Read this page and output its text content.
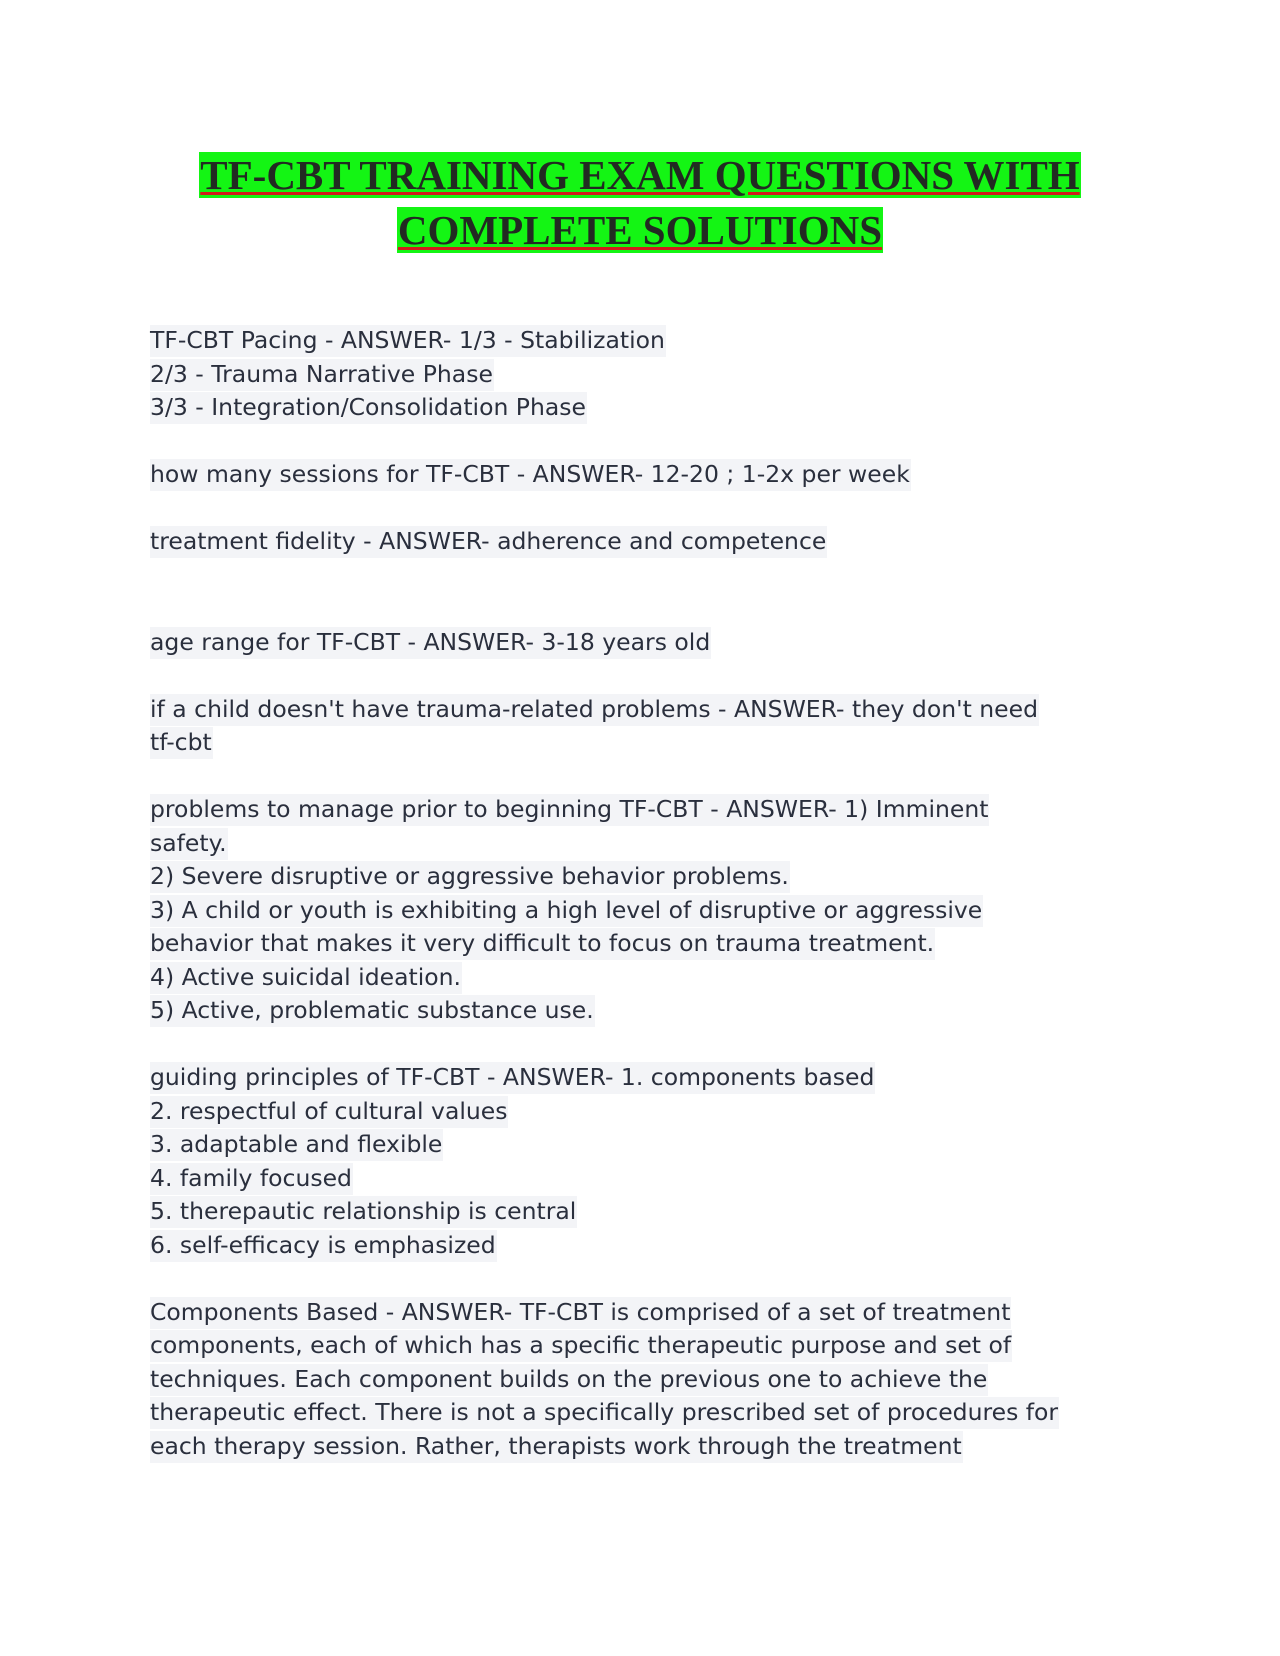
TF-CBT TRAINING EXAM QUESTIONS WITH
COMPLETE SOLUTIONS
TF-CBT Pacing - ANSWER- 1/3 - Stabilization
2/3 - Trauma Narrative Phase
3/3 - Integration/Consolidation Phase
how many sessions for TF-CBT - ANSWER- 12-20 ; 1-2x per week
treatment fidelity - ANSWER- adherence and competence
age range for TF-CBT - ANSWER- 3-18 years old
if a child doesn't have trauma-related problems - ANSWER- they don't need
tf-cbt
problems to manage prior to beginning TF-CBT - ANSWER- 1) Imminent
safety.
2) Severe disruptive or aggressive behavior problems.
3) A child or youth is exhibiting a high level of disruptive or aggressive
behavior that makes it very difficult to focus on trauma treatment.
4) Active suicidal ideation.
5) Active, problematic substance use.
guiding principles of TF-CBT - ANSWER- 1. components based
2. respectful of cultural values
3. adaptable and flexible
4. family focused
5. therepautic relationship is central
6. self-efficacy is emphasized
Components Based - ANSWER- TF-CBT is comprised of a set of treatment
components, each of which has a specific therapeutic purpose and set of
techniques. Each component builds on the previous one to achieve the
therapeutic effect. There is not a specifically prescribed set of procedures for
each therapy session. Rather, therapists work through the treatment
